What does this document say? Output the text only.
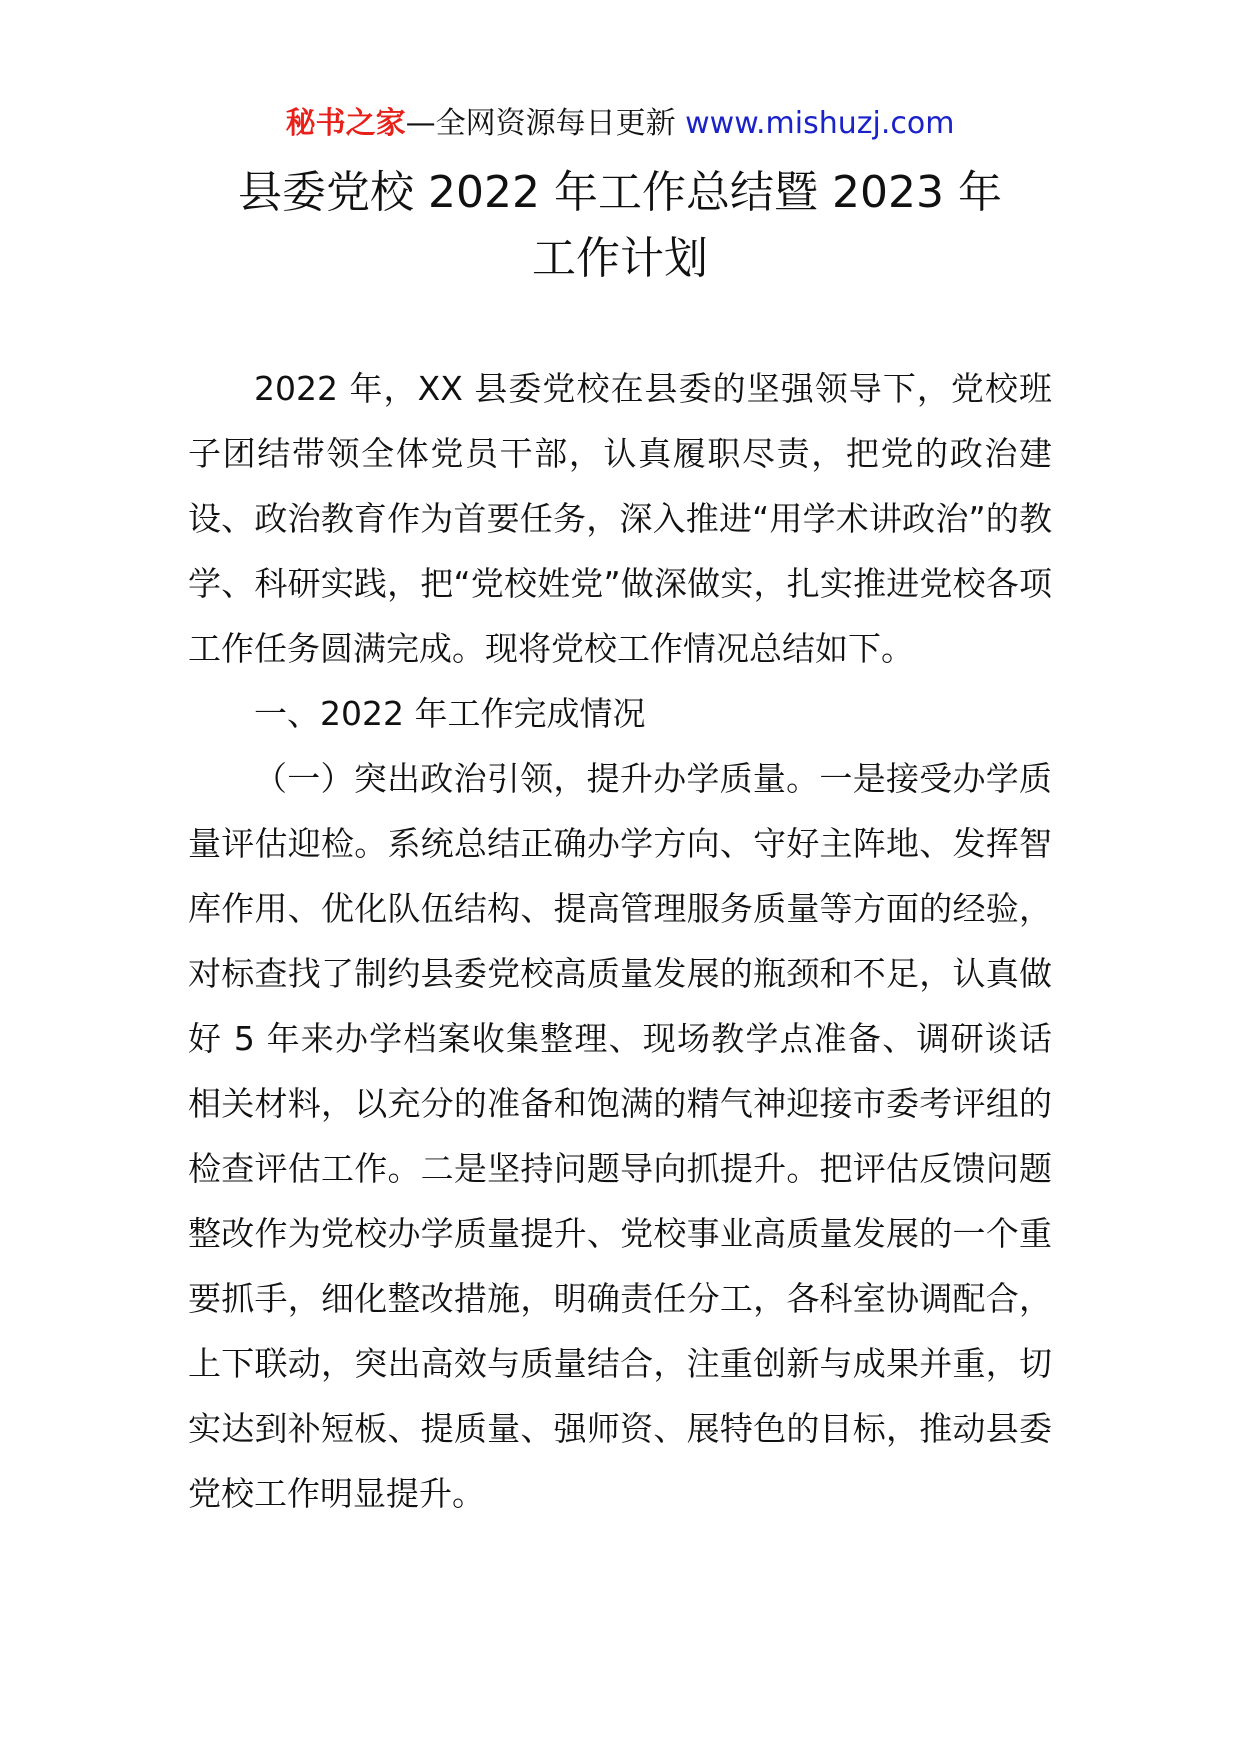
秘书之家—全网资源每日更新 www.mishuzj.com
县委党校 2022 年工作总结暨 2023 年
工作计划

2022 年，XX 县委党校在县委的坚强领导下，党校班子团结带领全体党员干部，认真履职尽责，把党的政治建设、政治教育作为首要任务，深入推进“用学术讲政治”的教学、科研实践，把“党校姓党”做深做实，扎实推进党校各项工作任务圆满完成。现将党校工作情况总结如下。

一、2022 年工作完成情况

（一）突出政治引领，提升办学质量。一是接受办学质量评估迎检。系统总结正确办学方向、守好主阵地、发挥智库作用、优化队伍结构、提高管理服务质量等方面的经验，对标查找了制约县委党校高质量发展的瓶颈和不足，认真做好 5 年来办学档案收集整理、现场教学点准备、调研谈话相关材料，以充分的准备和饱满的精气神迎接市委考评组的检查评估工作。二是坚持问题导向抓提升。把评估反馈问题整改作为党校办学质量提升、党校事业高质量发展的一个重要抓手，细化整改措施，明确责任分工，各科室协调配合，上下联动，突出高效与质量结合，注重创新与成果并重，切实达到补短板、提质量、强师资、展特色的目标，推动县委党校工作明显提升。
